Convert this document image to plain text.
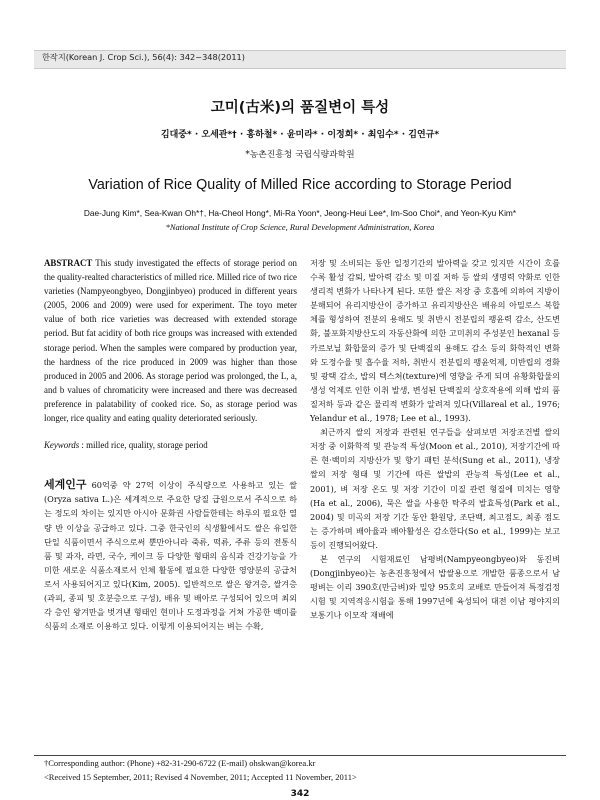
한작지(Korean J. Crop Sci.), 56(4): 342~348(2011)
고미(古米)의 품질변이 특성
김대중* · 오세관*† · 홍하철* · 윤미라* · 이정희* · 최임수* · 김연규*
*농촌진흥청 국립식량과학원
Variation of Rice Quality of Milled Rice according to Storage Period
Dae-Jung Kim*, Sea-Kwan Oh*†, Ha-Cheol Hong*, Mi-Ra Yoon*, Jeong-Heui Lee*, Im-Soo Choi*, and Yeon-Kyu Kim*
*National Institute of Crop Science, Rural Development Administration, Korea
ABSTRACT This study investigated the effects of storage period on the quality-realted characteristics of milled rice. Milled rice of two rice varieties (Nampyeongbyeo, Dongjinbyeo) produced in different years (2005, 2006 and 2009) were used for experiment. The toyo meter value of both rice varieties was decreased with extended storage period. But fat acidity of both rice groups was increased with extended storage period. When the samples were compared by production year, the hardness of the rice produced in 2009 was higher than those produced in 2005 and 2006. As storage period was prolonged, the L, a, and b values of chromaticity were increased and there was decreased preference in palatability of cooked rice. So, as storage period was longer, rice quality and eating quality deteriorated seriously.
Keywords : milled rice, quality, storage period
세계인구 60억중 약 27억 이상이 주식량으로 사용하고 있는 쌀(Oryza sativa L.)은 세계적으로 주요한 당질 급원으로서 주식으로 하는 정도의 차이는 있지만 아시아 문화권 사람들한테는 하루의 필요한 열량 반 이상을 공급하고 있다. 그중 한국인의 식생활에서도 쌀은 유일한 단일 식품이면서 주식으로써 뿐만아니라 죽류, 떡류, 주류 등의 전통식품 및 과자, 라면, 국수, 케이크 등 다양한 형태의 음식과 건강기능을 가미한 새로운 식품소재로서 인체 활동에 필요한 다양한 영양분의 공급처로서 사용되어지고 있다(Kim, 2005). 일반적으로 쌀은 왕겨층, 쌀겨층(과피, 종피 및 호분층으로 구성), 배유 및 배아로 구성되어 있으며 최외각 층인 왕겨만을 벗겨낸 형태인 현미나 도정과정을 거쳐 가공한 백미를 식품의 소재로 이용하고 있다. 이렇게 이용되어지는 벼는 수확,

저장 및 소비되는 동안 일정기간의 발아력을 갖고 있지만 시간이 흐를수록 활성 감퇴, 발아력 감소 및 미질 저하 등 쌀의 생명력 약화로 인한 생리적 변화가 나타나게 된다. 또한 쌀은 저장 중 호흡에 의하여 지방이 분해되어 유리지방산이 증가하고 유리지방산은 배유의 아밀로스 복합체를 형성하여 전분의 용해도 및 취반시 전분립의 팽윤력 감소, 산도변화, 불포화지방산도의 자동산화에 의한 고미취의 주성분인 hexanal 등 카르보닐 화합물의 증가 및 단백질의 용해도 감소 등의 화학적인 변화와 도정수율 및 흡수율 저하, 취반시 전분립의 팽윤억제, 미반립의 경화 및 광택 감소, 밥의 텍스쳐(texture)에 영향을 주게 되며 유황화합물의 생성 억제로 인한 이취 발생, 변성된 단백질의 상호작용에 의해 밥의 품질저하 등과 같은 물리적 변화가 알려져 있다(Villareal et al., 1976; Yelandur et al., 1978; Lee et al., 1993).

최근까지 쌀의 저장과 관련된 연구들을 살펴보면 저장조건별 쌀의 저장 중 이화학적 및 관능적 특성(Moon et al., 2010), 저장기간에 따른 현·백미의 지방산가 및 향기 패턴 분석(Sung et al., 2011), 냉장 쌀의 저장 형태 및 기간에 따른 쌀밥의 관능적 특성(Lee et al., 2001), 벼 저장 온도 및 저장 기간이 미질 관련 형질에 미치는 영향(Ha et al., 2006), 묵은 쌀을 사용한 탁주의 발효특성(Park et al., 2004) 및 미곡의 저장 기간 동안 환원당, 조단백, 최고점도, 최종 점도는 증가하며 배아율과 배아활성은 감소한다(So et al., 1999)는 보고 등이 진행되어왔다.

본 연구의 시험재료인 남평벼(Nampyeongbyeo)와 동진벼(Dongjinbyeo)는 농촌진흥청에서 밥쌀용으로 개발한 품종으로서 남평벼는 이리 390호(만금벼)와 밀양 95호의 교배로 만들어져 특정검정시험 및 지역적응시험을 통해 1997년에 육성되어 대전 이남 평야지의 보통기나 이모작 재배에

†Corresponding author: (Phone) +82-31-290-6722 (E-mail) ohskwan@korea.kr
<Received 15 September, 2011; Revised 4 November, 2011; Accepted 11 November, 2011>
342
